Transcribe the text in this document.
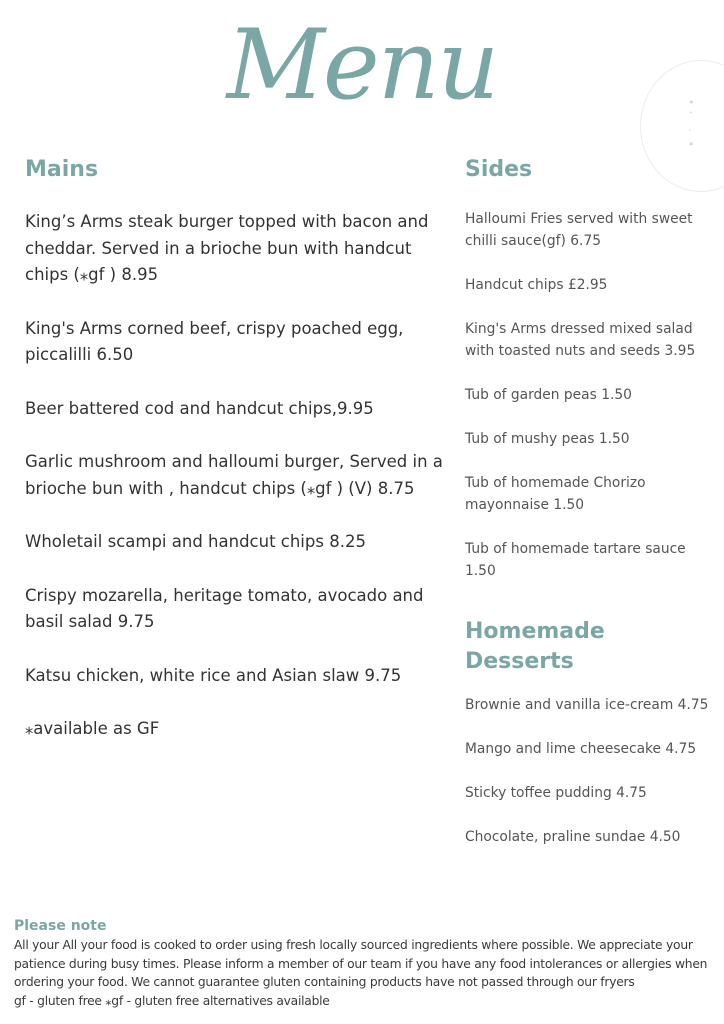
Menu	•
ˆ
·
•
Mains

King’s Arms steak burger topped with bacon and cheddar. Served in a brioche bun with handcut chips (⁎gf ) 8.95

King's Arms corned beef, crispy poached egg, piccalilli 6.50

Beer battered cod and handcut chips,9.95

Garlic mushroom and halloumi burger, Served in a brioche bun with , handcut chips (⁎gf ) (V) 8.75

Wholetail scampi and handcut chips 8.25

Crispy mozarella, heritage tomato, avocado and basil salad 9.75

Katsu chicken, white rice and Asian slaw 9.75

⁎available as GF

Sides

Halloumi Fries served with sweet chilli sauce(gf) 6.75

Handcut chips £2.95

King's Arms dressed mixed salad with toasted nuts and seeds 3.95

Tub of garden peas 1.50

Tub of mushy peas 1.50

Tub of homemade Chorizo mayonnaise 1.50

Tub of homemade tartare sauce 1.50

Homemade Desserts

Brownie and vanilla ice-cream 4.75

Mango and lime cheesecake 4.75

Sticky toffee pudding 4.75

Chocolate, praline sundae 4.50

Please note

All your All your food is cooked to order using fresh locally sourced ingredients where possible. We appreciate your

patience during busy times. Please inform a member of our team if you have any food intolerances or allergies when

ordering your food. We cannot guarantee gluten containing products have not passed through our fryers

gf - gluten free ⁎gf - gluten free alternatives available
